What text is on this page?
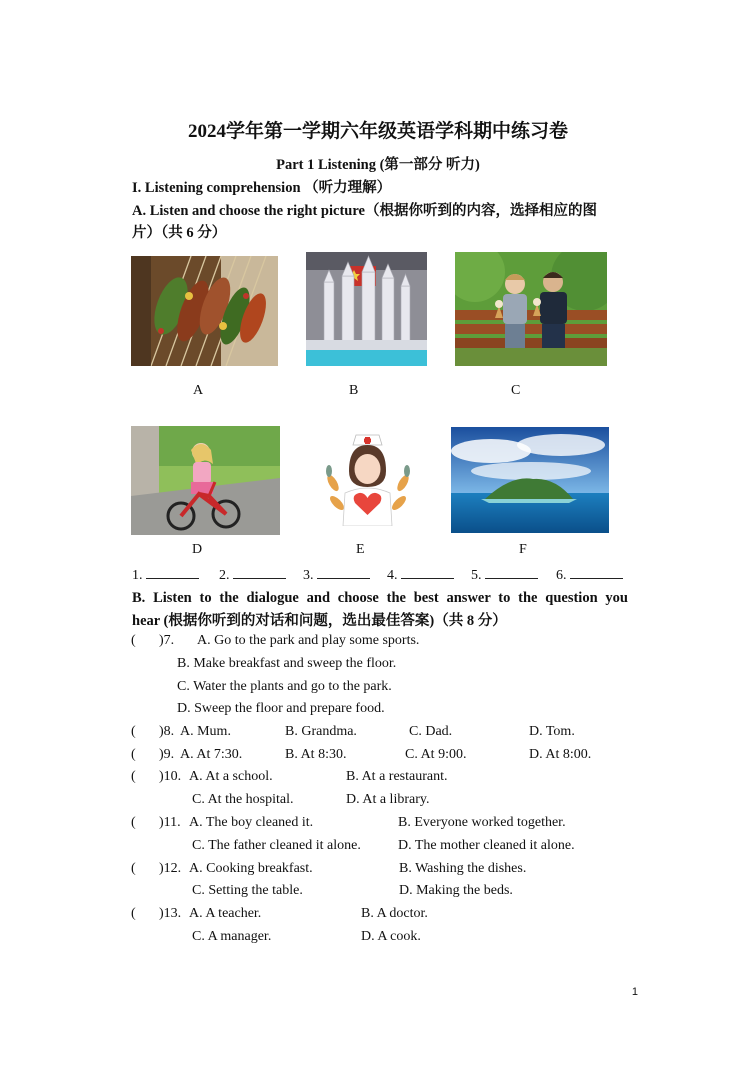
2024学年第一学期六年级英语学科期中练习卷
Part 1 Listening (第一部分 听力)
I. Listening comprehension （听力理解）
A. Listen and choose the right picture（根据你听到的内容，选择相应的图
片）（共 6 分）
A	B	C
D	E	F
1.	2.	3.	4.	5.	6.
B. Listen to the dialogue and choose the best answer to the question you
hear (根据你听到的对话和问题，选出最佳答案)（共 8 分）
( )7. A. Go to the park and play some sports.
B. Make breakfast and sweep the floor.
C. Water the plants and go to the park.
D. Sweep the floor and prepare food.
( )8. A. Mum.	B. Grandma.	C. Dad.	D. Tom.
( )9. A. At 7:30.	B. At 8:30.	C. At 9:00.	D. At 8:00.
( )10. A. At a school.	B. At a restaurant.
C. At the hospital.	D. At a library.
( )11. A. The boy cleaned it.	B. Everyone worked together.
C. The father cleaned it alone.	D. The mother cleaned it alone.
( )12. A. Cooking breakfast.	B. Washing the dishes.
C. Setting the table.	D. Making the beds.
( )13. A. A teacher.	B. A doctor.
C. A manager.	D. A cook.
1
